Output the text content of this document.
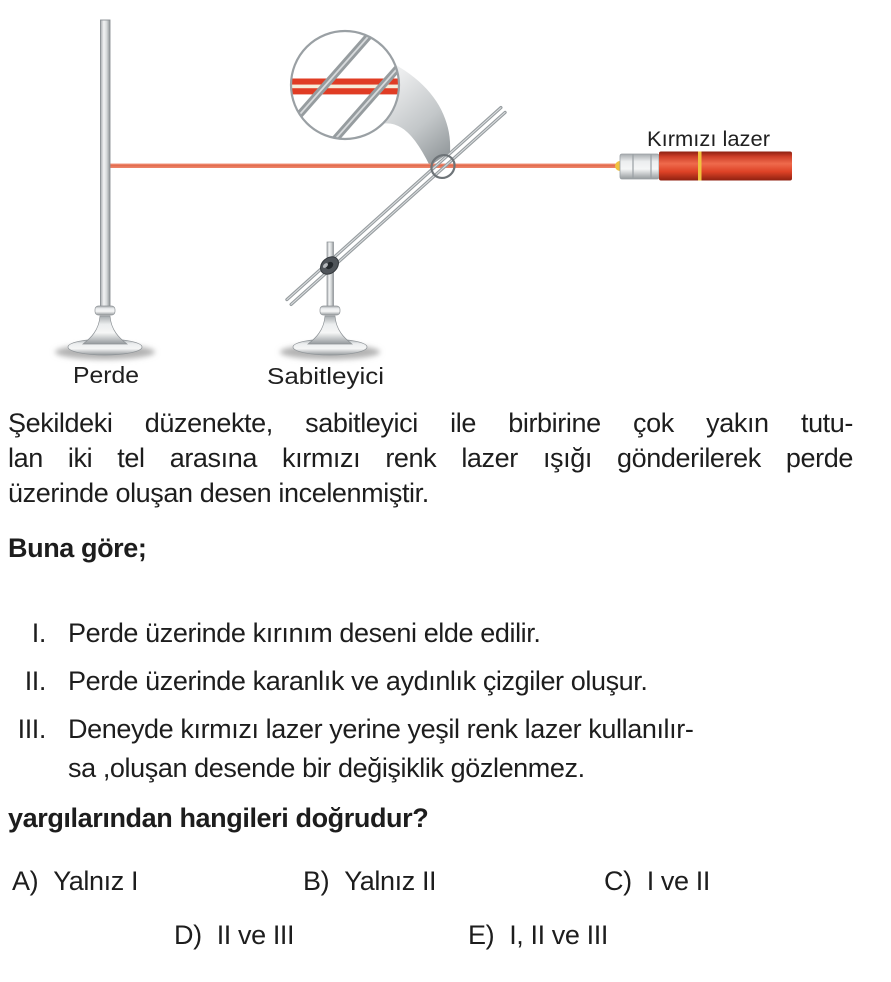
Perde	Sabitleyici
Kırmızı lazer
Şekildeki düzenekte, sabitleyici ile birbirine çok yakın tutu-
lan iki tel arasına kırmızı renk lazer ışığı gönderilerek perde
üzerinde oluşan desen incelenmiştir.
Buna göre;
I. Perde üzerinde kırınım deseni elde edilir.
II. Perde üzerinde karanlık ve aydınlık çizgiler oluşur.
III. Deneyde kırmızı lazer yerine yeşil renk lazer kullanılır-
sa ,oluşan desende bir değişiklik gözlenmez.
yargılarından hangileri doğrudur?
A) Yalnız I	B) Yalnız II	C) I ve II
D) II ve III	E) I, II ve III
